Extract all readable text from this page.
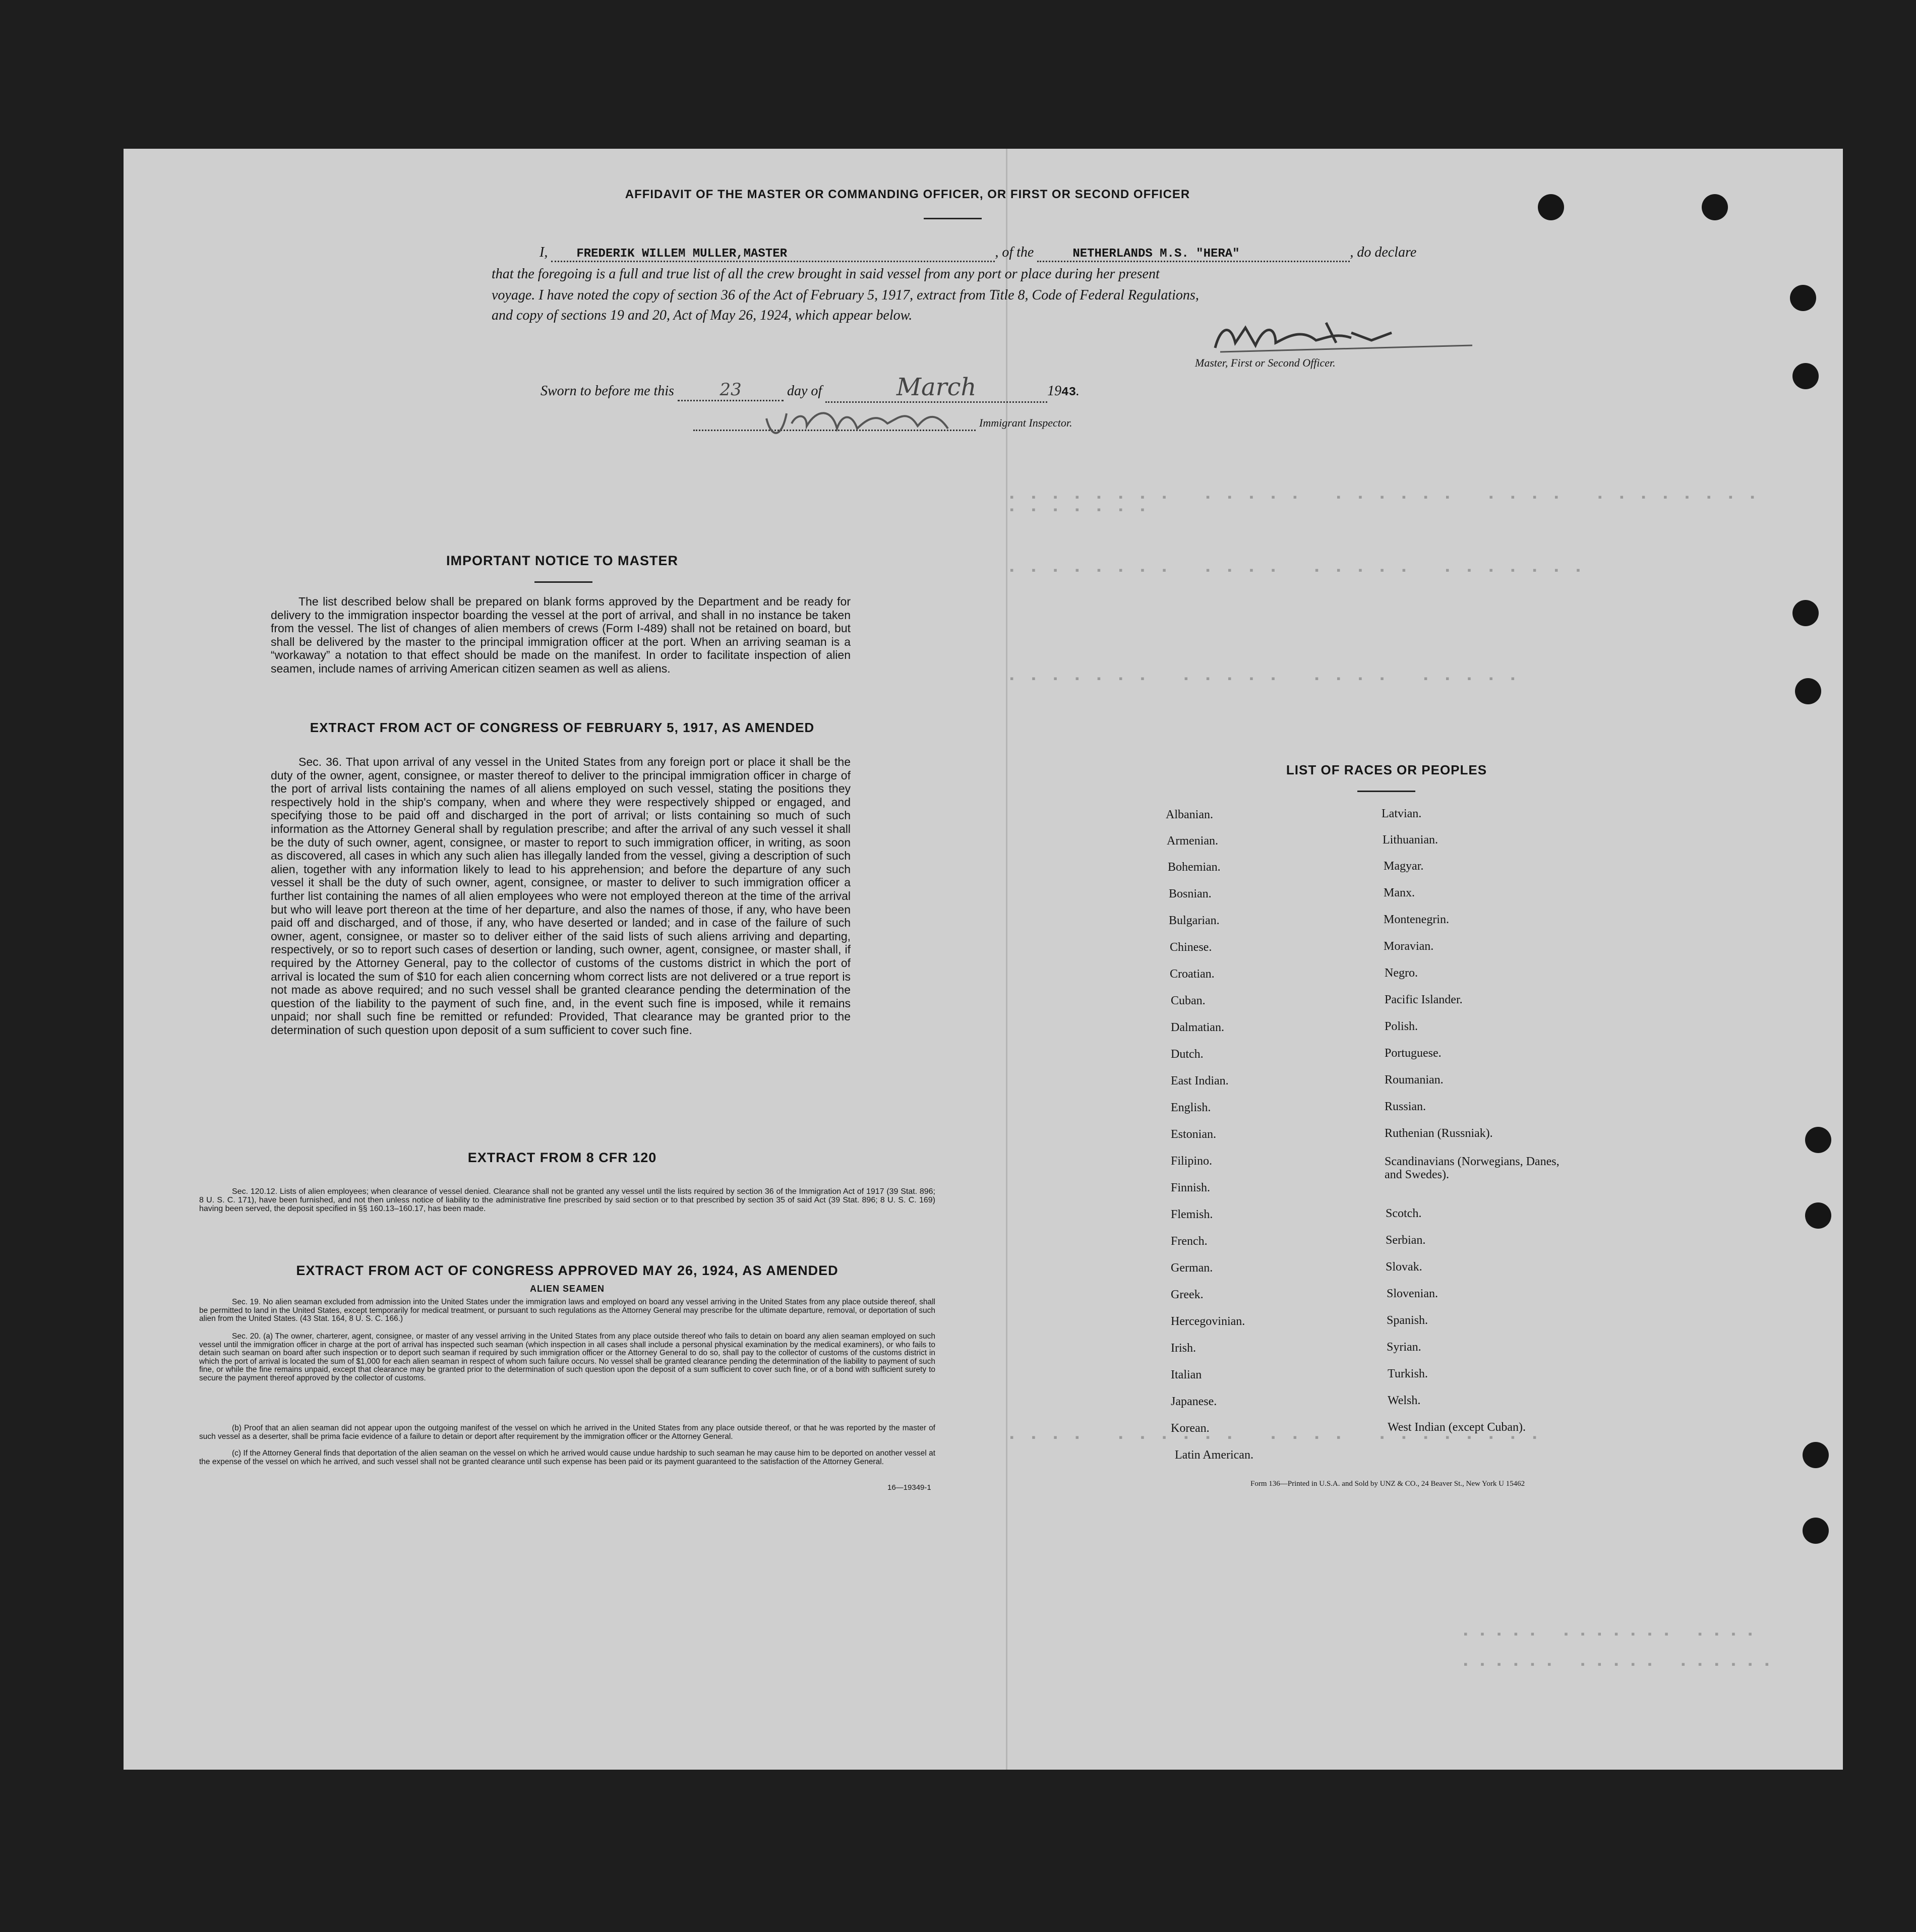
AFFIDAVIT OF THE MASTER OR COMMANDING OFFICER, OR FIRST OR SECOND OFFICER
I, FREDERIK WILLEM MULLER,MASTER	, of the	NETHERLANDS M.S. "HERA"	, do declare
that the foregoing is a full and true list of all the crew brought in said vessel from any port or place during her present
voyage. I have noted the copy of section 36 of the Act of February 5, 1917, extract from Title 8, Code of Federal Regulations,
and copy of sections 19 and 20, Act of May 26, 1924, which appear below.
Master, First or Second Officer.
Sworn to before me this	23	day of	March	1943.
Immigrant Inspector.
IMPORTANT NOTICE TO MASTER
The list described below shall be prepared on blank forms approved by the Department and be ready for delivery to the immigration inspector boarding the vessel at the port of arrival, and shall in no instance be taken from the vessel. The list of changes of alien members of crews (Form I-489) shall not be retained on board, but shall be delivered by the master to the principal immigration officer at the port. When an arriving seaman is a “workaway” a notation to that effect should be made on the manifest. In order to facilitate inspection of alien seamen, include names of arriving American citizen seamen as well as aliens.
EXTRACT FROM ACT OF CONGRESS OF FEBRUARY 5, 1917, AS AMENDED
Sec. 36. That upon arrival of any vessel in the United States from any foreign port or place it shall be the duty of the owner, agent, consignee, or master thereof to deliver to the principal immigration officer in charge of the port of arrival lists containing the names of all aliens employed on such vessel, stating the positions they respectively hold in the ship's company, when and where they were respectively shipped or engaged, and specifying those to be paid off and discharged in the port of arrival; or lists containing so much of such information as the Attorney General shall by regulation prescribe; and after the arrival of any such vessel it shall be the duty of such owner, agent, consignee, or master to report to such immigration officer, in writing, as soon as discovered, all cases in which any such alien has illegally landed from the vessel, giving a description of such alien, together with any information likely to lead to his apprehension; and before the departure of any such vessel it shall be the duty of such owner, agent, consignee, or master to deliver to such immigration officer a further list containing the names of all alien employees who were not employed thereon at the time of the arrival but who will leave port thereon at the time of her departure, and also the names of those, if any, who have been paid off and discharged, and of those, if any, who have deserted or landed; and in case of the failure of such owner, agent, consignee, or master so to deliver either of the said lists of such aliens arriving and departing, respectively, or so to report such cases of desertion or landing, such owner, agent, consignee, or master shall, if required by the Attorney General, pay to the collector of customs of the customs district in which the port of arrival is located the sum of $10 for each alien concerning whom correct lists are not delivered or a true report is not made as above required; and no such vessel shall be granted clearance pending the determination of the question of the liability to the payment of such fine, and, in the event such fine is imposed, while it remains unpaid; nor shall such fine be remitted or refunded: Provided, That clearance may be granted prior to the determination of such question upon deposit of a sum sufficient to cover such fine.
EXTRACT FROM 8 CFR 120
Sec. 120.12. Lists of alien employees; when clearance of vessel denied. Clearance shall not be granted any vessel until the lists required by section 36 of the Immigration Act of 1917 (39 Stat. 896; 8 U. S. C. 171), have been furnished, and not then unless notice of liability to the administrative fine prescribed by said section or to that prescribed by section 35 of said Act (39 Stat. 896; 8 U. S. C. 169) having been served, the deposit specified in §§ 160.13–160.17, has been made.
EXTRACT FROM ACT OF CONGRESS APPROVED MAY 26, 1924, AS AMENDED
ALIEN SEAMEN
Sec. 19. No alien seaman excluded from admission into the United States under the immigration laws and employed on board any vessel arriving in the United States from any place outside thereof, shall be permitted to land in the United States, except temporarily for medical treatment, or pursuant to such regulations as the Attorney General may prescribe for the ultimate departure, removal, or deportation of such alien from the United States. (43 Stat. 164, 8 U. S. C. 166.)
Sec. 20. (a) The owner, charterer, agent, consignee, or master of any vessel arriving in the United States from any place outside thereof who fails to detain on board any alien seaman employed on such vessel until the immigration officer in charge at the port of arrival has inspected such seaman (which inspection in all cases shall include a personal physical examination by the medical examiners), or who fails to detain such seaman on board after such inspection or to deport such seaman if required by such immigration officer or the Attorney General to do so, shall pay to the collector of customs of the customs district in which the port of arrival is located the sum of $1,000 for each alien seaman in respect of whom such failure occurs. No vessel shall be granted clearance pending the determination of the liability to payment of such fine, or while the fine remains unpaid, except that clearance may be granted prior to the determination of such question upon the deposit of a sum sufficient to cover such fine, or of a bond with sufficient surety to secure the payment thereof approved by the collector of customs.
(b) Proof that an alien seaman did not appear upon the outgoing manifest of the vessel on which he arrived in the United States from any place outside thereof, or that he was reported by the master of such vessel as a deserter, shall be prima facie evidence of a failure to detain or deport after requirement by the immigration officer or the Attorney General.
(c) If the Attorney General finds that deportation of the alien seaman on the vessel on which he arrived would cause undue hardship to such seaman he may cause him to be deported on another vessel at the expense of the vessel on which he arrived, and such vessel shall not be granted clearance until such expense has been paid or its payment guaranteed to the satisfaction of the Attorney General.
16—19349-1
▪▪▪▪▪▪▪▪ ▪▪▪▪▪ ▪▪▪▪▪▪ ▪▪▪▪ ▪▪▪▪▪▪▪▪ ▪▪▪▪▪▪▪
▪▪▪▪▪▪▪▪ ▪▪▪▪ ▪▪▪▪▪ ▪▪▪▪▪▪▪
▪▪▪▪▪▪▪ ▪▪▪▪▪ ▪▪▪▪ ▪▪▪▪▪
▪▪▪▪ ▪▪▪▪▪▪ ▪▪▪▪ ▪▪▪▪▪▪▪▪
▪▪▪▪▪ ▪▪▪▪▪▪▪ ▪▪▪▪
▪▪▪▪▪▪ ▪▪▪▪▪ ▪▪▪▪▪▪
LIST OF RACES OR PEOPLES
Albanian.
Armenian.
Bohemian.
Bosnian.
Bulgarian.
Chinese.
Croatian.
Cuban.
Dalmatian.
Dutch.
East Indian.
English.
Estonian.
Filipino.
Finnish.
Flemish.
French.
German.
Greek.
Hercegovinian.
Irish.
Italian
Japanese.
Korean.
Latin American.
Latvian.
Lithuanian.
Magyar.
Manx.
Montenegrin.
Moravian.
Negro.
Pacific Islander.
Polish.
Portuguese.
Roumanian.
Russian.
Ruthenian (Russniak).
Scandinavians (Norwegians, Danes, and Swedes).
Scotch.
Serbian.
Slovak.
Slovenian.
Spanish.
Syrian.
Turkish.
Welsh.
West Indian (except Cuban).
Form 136—Printed in U.S.A. and Sold by UNZ & CO., 24 Beaver St., New York U 15462
